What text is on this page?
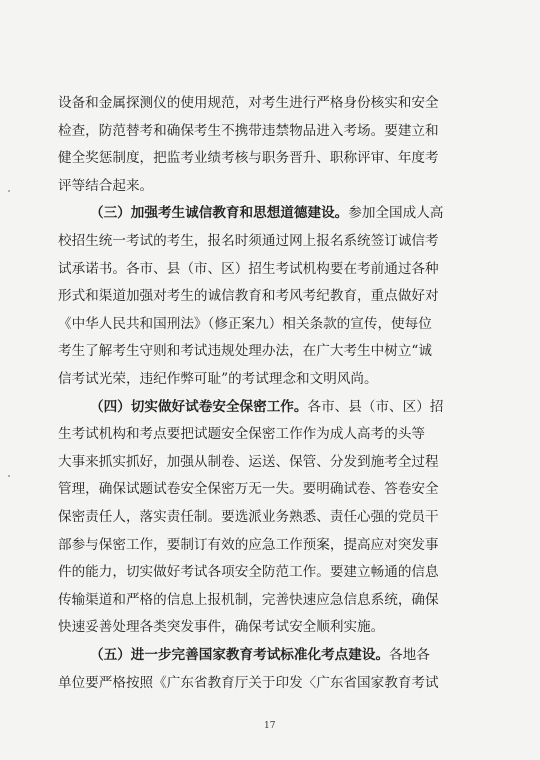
设备和金属探测仪的使用规范，对考生进行严格身份核实和安全
检查，防范替考和确保考生不携带违禁物品进入考场。要建立和
健全奖惩制度，把监考业绩考核与职务晋升、职称评审、年度考
评等结合起来。
（三）加强考生诚信教育和思想道德建设。参加全国成人高
校招生统一考试的考生，报名时须通过网上报名系统签订诚信考
试承诺书。各市、县（市、区）招生考试机构要在考前通过各种
形式和渠道加强对考生的诚信教育和考风考纪教育，重点做好对
《中华人民共和国刑法》（修正案九）相关条款的宣传，使每位
考生了解考生守则和考试违规处理办法，在广大考生中树立“诚
信考试光荣，违纪作弊可耻”的考试理念和文明风尚。
（四）切实做好试卷安全保密工作。各市、县（市、区）招
生考试机构和考点要把试题安全保密工作作为成人高考的头等
大事来抓实抓好，加强从制卷、运送、保管、分发到施考全过程
管理，确保试题试卷安全保密万无一失。要明确试卷、答卷安全
保密责任人，落实责任制。要选派业务熟悉、责任心强的党员干
部参与保密工作，要制订有效的应急工作预案，提高应对突发事
件的能力，切实做好考试各项安全防范工作。要建立畅通的信息
传输渠道和严格的信息上报机制，完善快速应急信息系统，确保
快速妥善处理各类突发事件，确保考试安全顺利实施。
（五）进一步完善国家教育考试标准化考点建设。各地各
单位要严格按照《广东省教育厅关于印发〈广东省国家教育考试
17
